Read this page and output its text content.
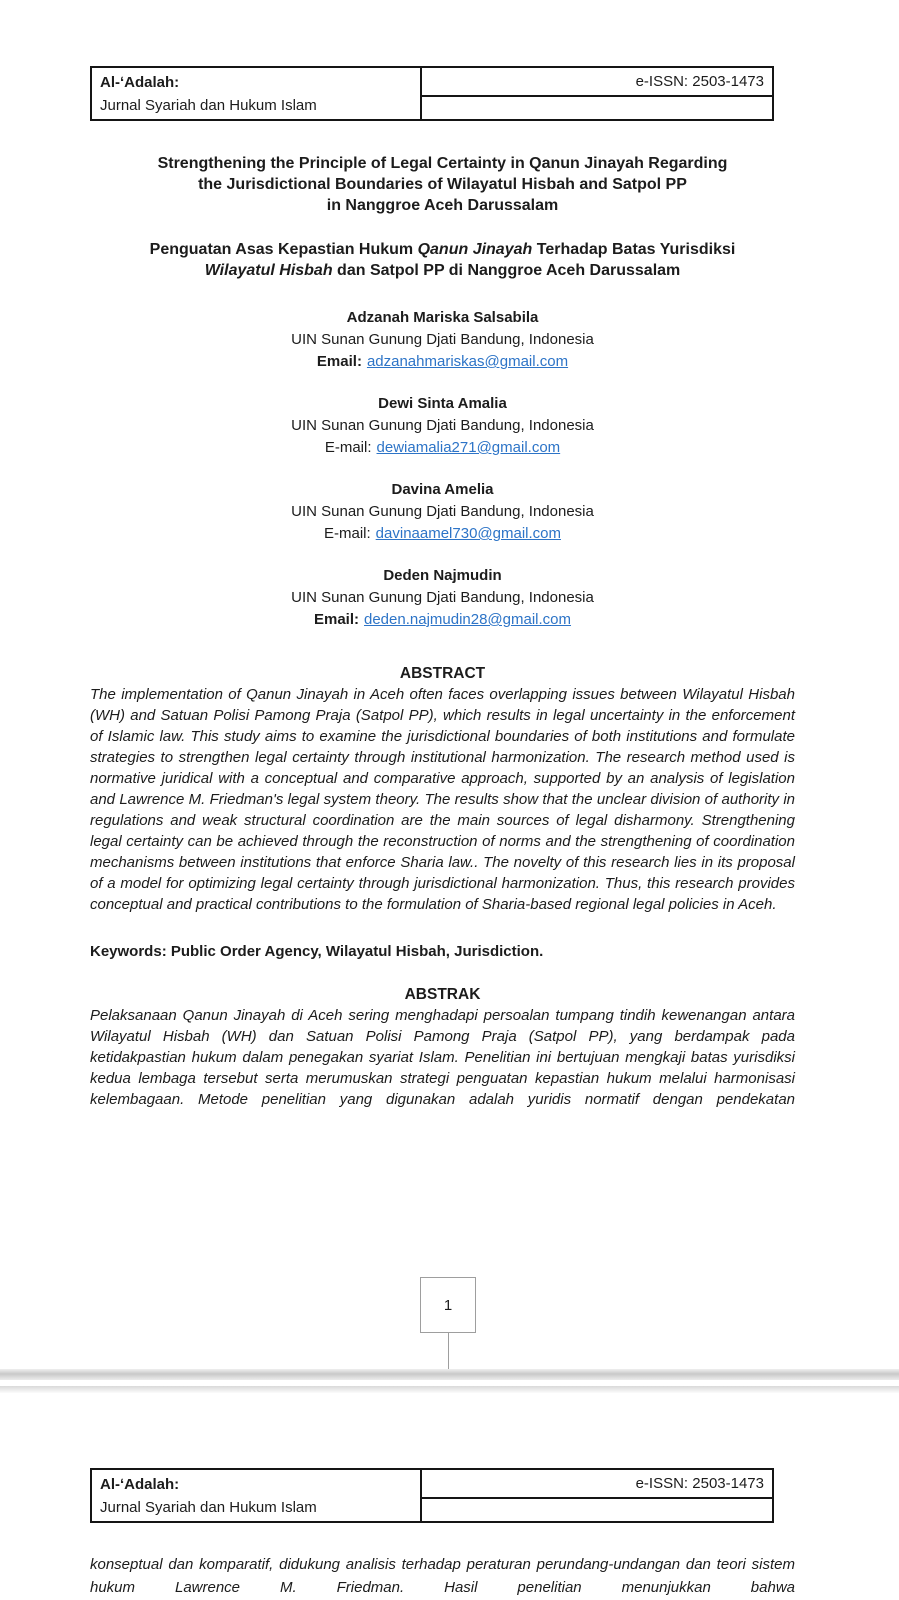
Al-ʻAdalah:
Jurnal Syariah dan Hukum Islam
	e-ISSN: 2503-1473

Strengthening the Principle of Legal Certainty in Qanun Jinayah Regarding
the Jurisdictional Boundaries of Wilayatul Hisbah and Satpol PP
in Nanggroe Aceh Darussalam
Penguatan Asas Kepastian Hukum Qanun Jinayah Terhadap Batas Yurisdiksi
Wilayatul Hisbah dan Satpol PP di Nanggroe Aceh Darussalam
Adzanah Mariska Salsabila
UIN Sunan Gunung Djati Bandung, Indonesia
Email: adzanahmariskas@gmail.com
Dewi Sinta Amalia
UIN Sunan Gunung Djati Bandung, Indonesia
E-mail: dewiamalia271@gmail.com
Davina Amelia
UIN Sunan Gunung Djati Bandung, Indonesia
E-mail: davinaamel730@gmail.com
Deden Najmudin
UIN Sunan Gunung Djati Bandung, Indonesia
Email: deden.najmudin28@gmail.com
ABSTRACT

The implementation of Qanun Jinayah in Aceh often faces overlapping issues between Wilayatul Hisbah (WH) and Satuan Polisi Pamong Praja (Satpol PP), which results in legal uncertainty in the enforcement of Islamic law. This study aims to examine the jurisdictional boundaries of both institutions and formulate strategies to strengthen legal certainty through institutional harmonization. The research method used is normative juridical with a conceptual and comparative approach, supported by an analysis of legislation and Lawrence M. Friedman's legal system theory. The results show that the unclear division of authority in regulations and weak structural coordination are the main sources of legal disharmony. Strengthening legal certainty can be achieved through the reconstruction of norms and the strengthening of coordination mechanisms between institutions that enforce Sharia law.. The novelty of this research lies in its proposal of a model for optimizing legal certainty through jurisdictional harmonization. Thus, this research provides conceptual and practical contributions to the formulation of Sharia-based regional legal policies in Aceh.

Keywords: Public Order Agency, Wilayatul Hisbah, Jurisdiction.

ABSTRAK

Pelaksanaan Qanun Jinayah di Aceh sering menghadapi persoalan tumpang tindih kewenangan antara Wilayatul Hisbah (WH) dan Satuan Polisi Pamong Praja (Satpol PP), yang berdampak pada ketidakpastian hukum dalam penegakan syariat Islam. Penelitian ini bertujuan mengkaji batas yurisdiksi kedua lembaga tersebut serta merumuskan strategi penguatan kepastian hukum melalui harmonisasi kelembagaan. Metode penelitian yang digunakan adalah yuridis normatif dengan pendekatan

1
Al-ʻAdalah:
Jurnal Syariah dan Hukum Islam
	e-ISSN: 2503-1473

konseptual dan komparatif, didukung analisis terhadap peraturan perundang-undangan dan teori sistem hukum Lawrence M. Friedman. Hasil penelitian menunjukkan bahwa
